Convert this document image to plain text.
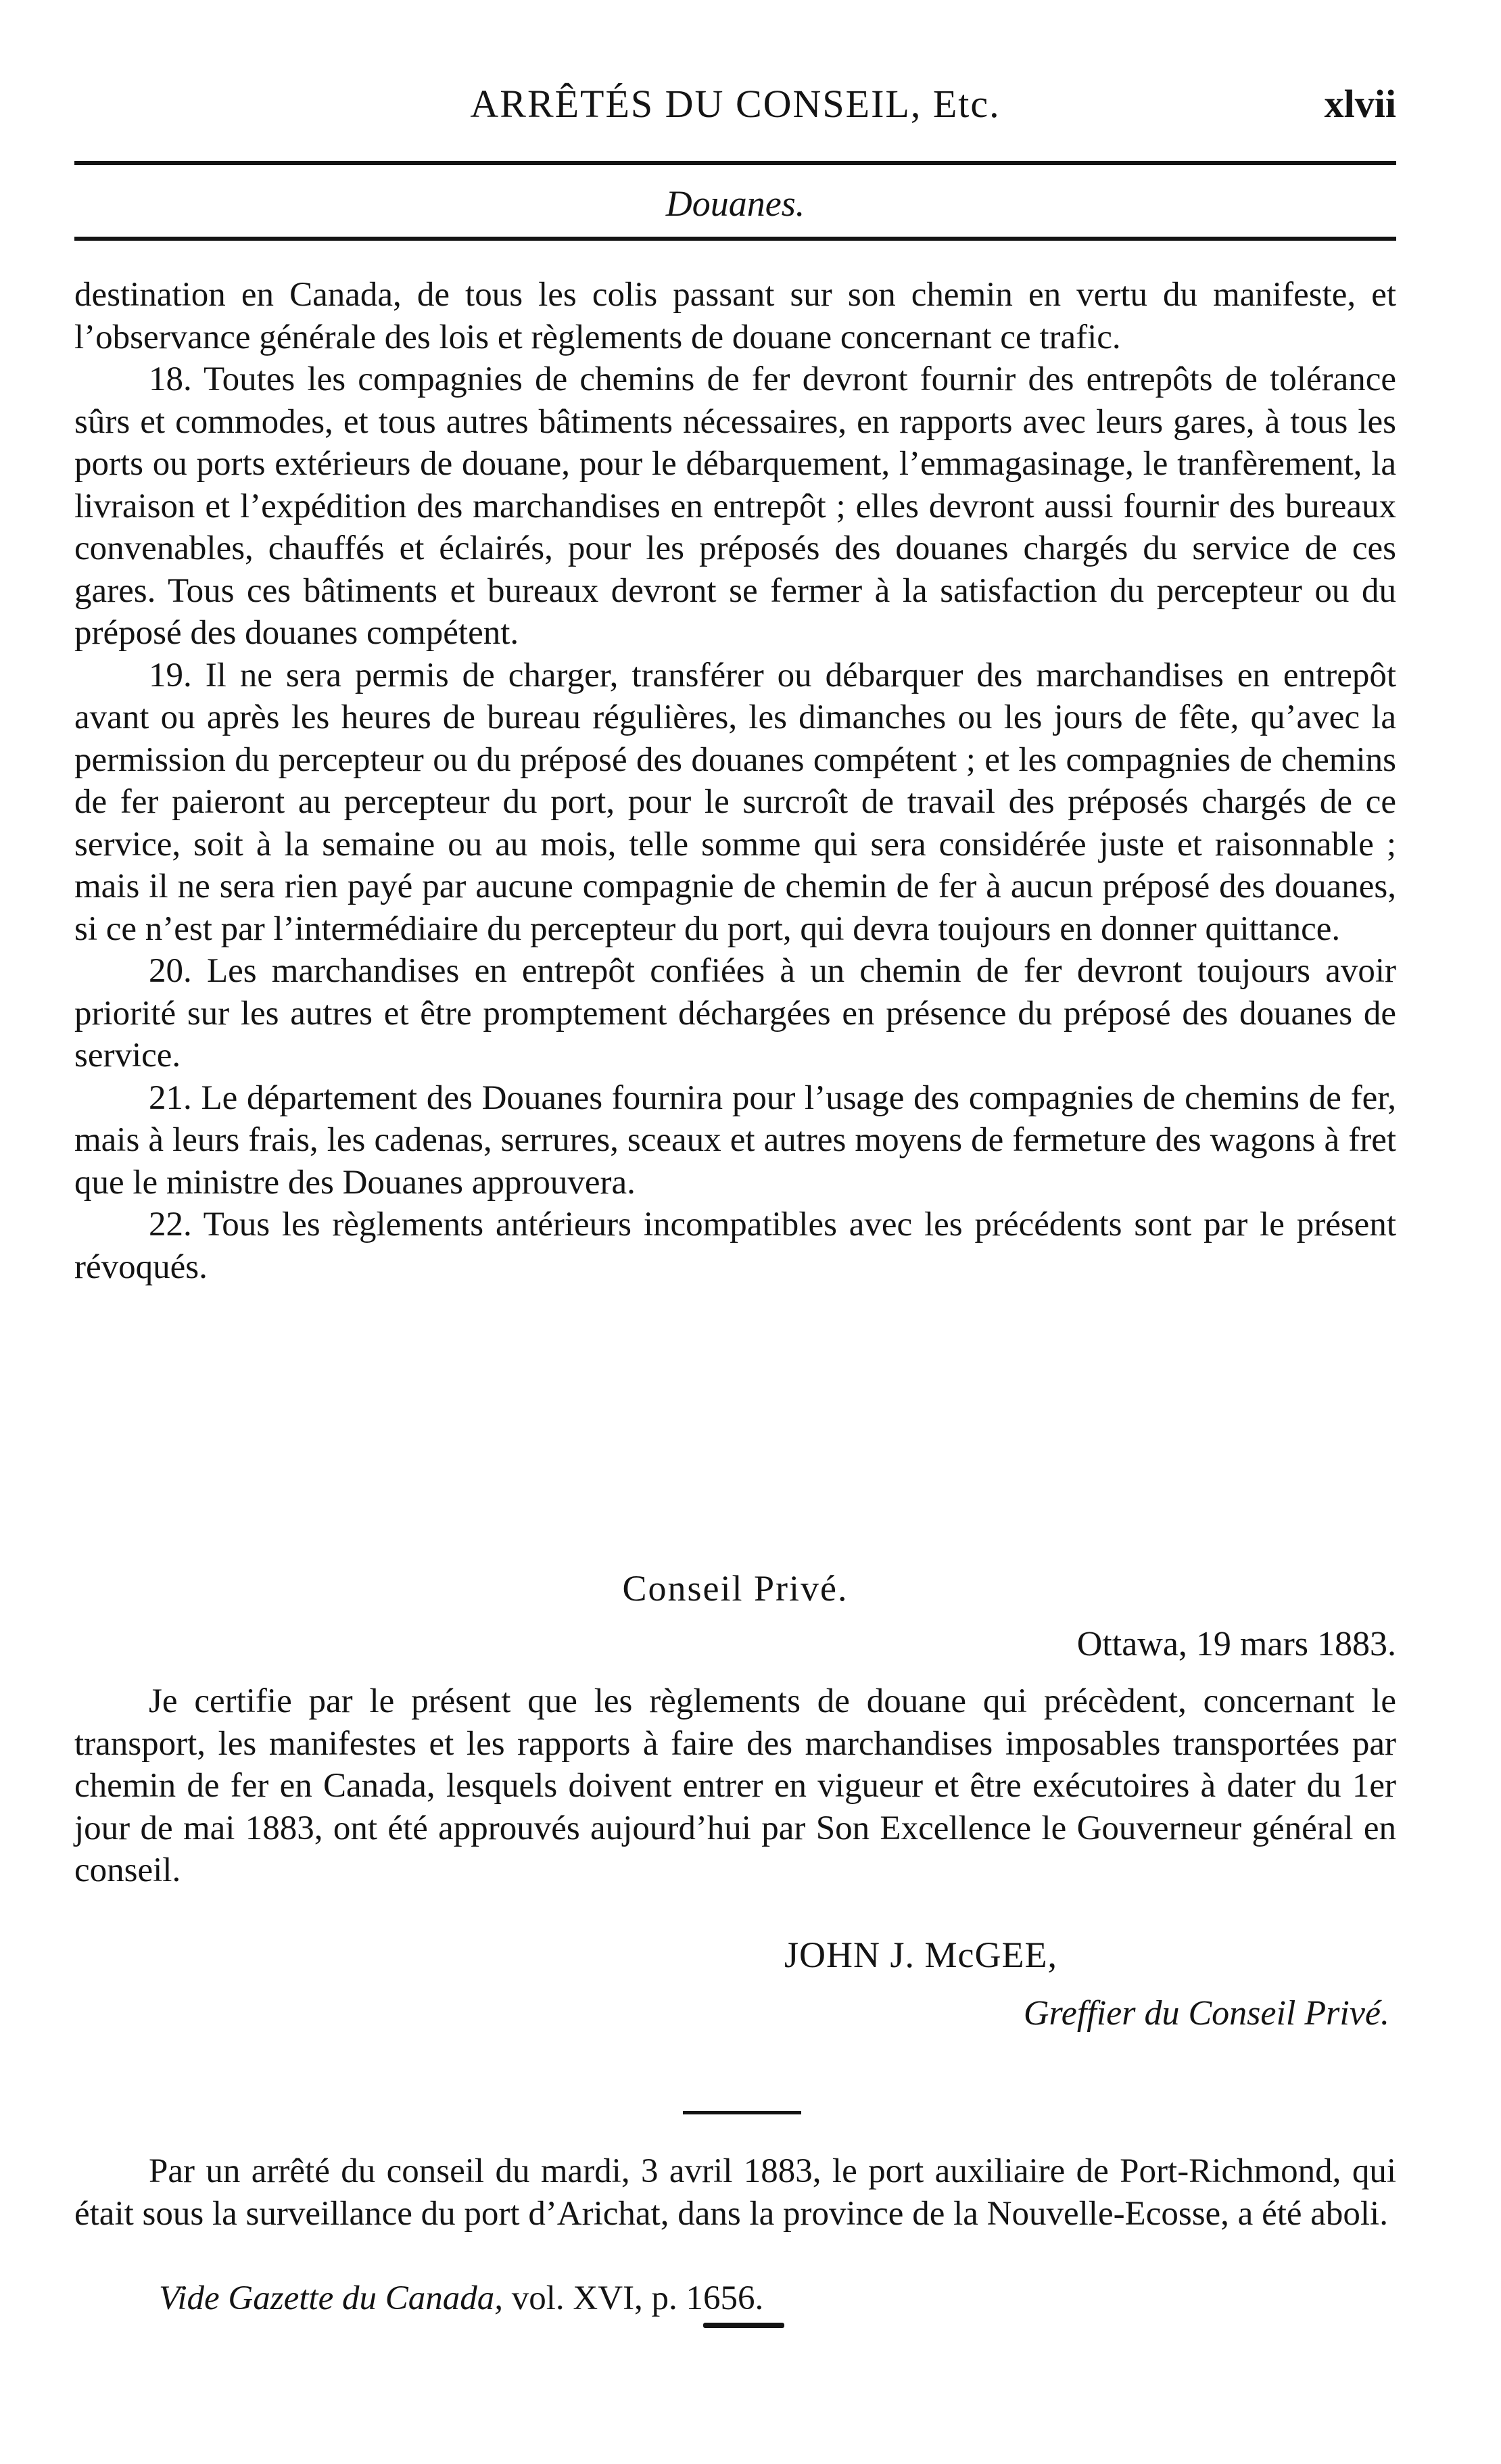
ARRÊTÉS DU CONSEIL, Etc.	xlvii
Douanes.

destination en Canada, de tous les colis passant sur son chemin en vertu du manifeste, et l’observance générale des lois et règlements de douane concernant ce trafic.

18. Toutes les compagnies de chemins de fer devront fournir des entrepôts de tolérance sûrs et commodes, et tous autres bâtiments nécessaires, en rapports avec leurs gares, à tous les ports ou ports extérieurs de douane, pour le débarquement, l’emmagasinage, le tranfèrement, la livraison et l’expédition des marchandises en entrepôt ; elles devront aussi fournir des bureaux convenables, chauffés et éclairés, pour les préposés des douanes chargés du service de ces gares. Tous ces bâtiments et bureaux devront se fermer à la satisfaction du percepteur ou du préposé des douanes compétent.

19. Il ne sera permis de charger, transférer ou débarquer des marchandises en entrepôt avant ou après les heures de bureau régulières, les dimanches ou les jours de fête, qu’avec la permission du percepteur ou du préposé des douanes compétent ; et les compagnies de chemins de fer paieront au percepteur du port, pour le surcroît de travail des préposés chargés de ce service, soit à la semaine ou au mois, telle somme qui sera considérée juste et raisonnable ; mais il ne sera rien payé par aucune compagnie de chemin de fer à aucun préposé des douanes, si ce n’est par l’intermédiaire du percepteur du port, qui devra toujours en donner quittance.

20. Les marchandises en entrepôt confiées à un chemin de fer devront toujours avoir priorité sur les autres et être promptement déchargées en présence du préposé des douanes de service.

21. Le département des Douanes fournira pour l’usage des compagnies de chemins de fer, mais à leurs frais, les cadenas, serrures, sceaux et autres moyens de fermeture des wagons à fret que le ministre des Douanes approuvera.

22. Tous les règlements antérieurs incompatibles avec les précédents sont par le présent révoqués.

Conseil Privé.
Ottawa, 19 mars 1883.

Je certifie par le présent que les règlements de douane qui précèdent, concernant le transport, les manifestes et les rapports à faire des marchandises imposables transportées par chemin de fer en Canada, lesquels doivent entrer en vigueur et être exécutoires à dater du 1er jour de mai 1883, ont été approuvés aujourd’hui par Son Excellence le Gouverneur général en conseil.

JOHN J. McGEE,
Greffier du Conseil Privé.

Par un arrêté du conseil du mardi, 3 avril 1883, le port auxiliaire de Port-Richmond, qui était sous la surveillance du port d’Arichat, dans la province de la Nouvelle-Ecosse, a été aboli.

Vide Gazette du Canada, vol. XVI, p. 1656.
